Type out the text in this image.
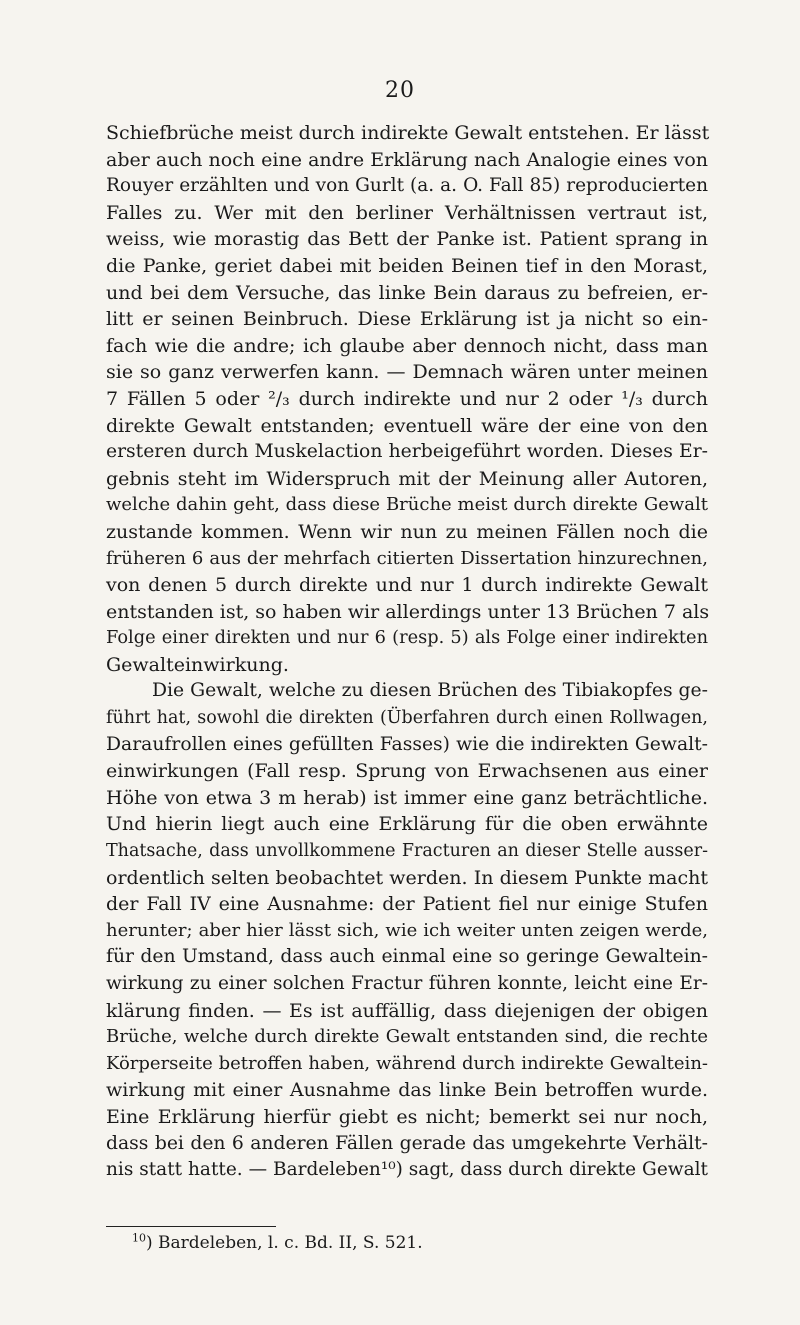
20
Schiefbrüche meist durch indirekte Gewalt entstehen. Er lässt
aber auch noch eine andre Erklärung nach Analogie eines von
Rouyer erzählten und von Gurlt (a. a. O. Fall 85) reproducierten
Falles zu. Wer mit den berliner Verhältnissen vertraut ist,
weiss, wie morastig das Bett der Panke ist. Patient sprang in
die Panke, geriet dabei mit beiden Beinen tief in den Morast,
und bei dem Versuche, das linke Bein daraus zu befreien, er-
litt er seinen Beinbruch. Diese Erklärung ist ja nicht so ein-
fach wie die andre; ich glaube aber dennoch nicht, dass man
sie so ganz verwerfen kann. — Demnach wären unter meinen
7 Fällen 5 oder ²/₃ durch indirekte und nur 2 oder ¹/₃ durch
direkte Gewalt entstanden; eventuell wäre der eine von den
ersteren durch Muskelaction herbeigeführt worden. Dieses Er-
gebnis steht im Widerspruch mit der Meinung aller Autoren,
welche dahin geht, dass diese Brüche meist durch direkte Gewalt
zustande kommen. Wenn wir nun zu meinen Fällen noch die
früheren 6 aus der mehrfach citierten Dissertation hinzurechnen,
von denen 5 durch direkte und nur 1 durch indirekte Gewalt
entstanden ist, so haben wir allerdings unter 13 Brüchen 7 als
Folge einer direkten und nur 6 (resp. 5) als Folge einer indirekten
Gewalteinwirkung.
Die Gewalt, welche zu diesen Brüchen des Tibiakopfes ge-
führt hat, sowohl die direkten (Überfahren durch einen Rollwagen,
Daraufrollen eines gefüllten Fasses) wie die indirekten Gewalt-
einwirkungen (Fall resp. Sprung von Erwachsenen aus einer
Höhe von etwa 3 m herab) ist immer eine ganz beträchtliche.
Und hierin liegt auch eine Erklärung für die oben erwähnte
Thatsache, dass unvollkommene Fracturen an dieser Stelle ausser-
ordentlich selten beobachtet werden. In diesem Punkte macht
der Fall IV eine Ausnahme: der Patient fiel nur einige Stufen
herunter; aber hier lässt sich, wie ich weiter unten zeigen werde,
für den Umstand, dass auch einmal eine so geringe Gewaltein-
wirkung zu einer solchen Fractur führen konnte, leicht eine Er-
klärung finden. — Es ist auffällig, dass diejenigen der obigen
Brüche, welche durch direkte Gewalt entstanden sind, die rechte
Körperseite betroffen haben, während durch indirekte Gewaltein-
wirkung mit einer Ausnahme das linke Bein betroffen wurde.
Eine Erklärung hierfür giebt es nicht; bemerkt sei nur noch,
dass bei den 6 anderen Fällen gerade das umgekehrte Verhält-
nis statt hatte. — Bardeleben¹⁰) sagt, dass durch direkte Gewalt
$^{10}$) Bardeleben, l. c. Bd. II, S. 521.
